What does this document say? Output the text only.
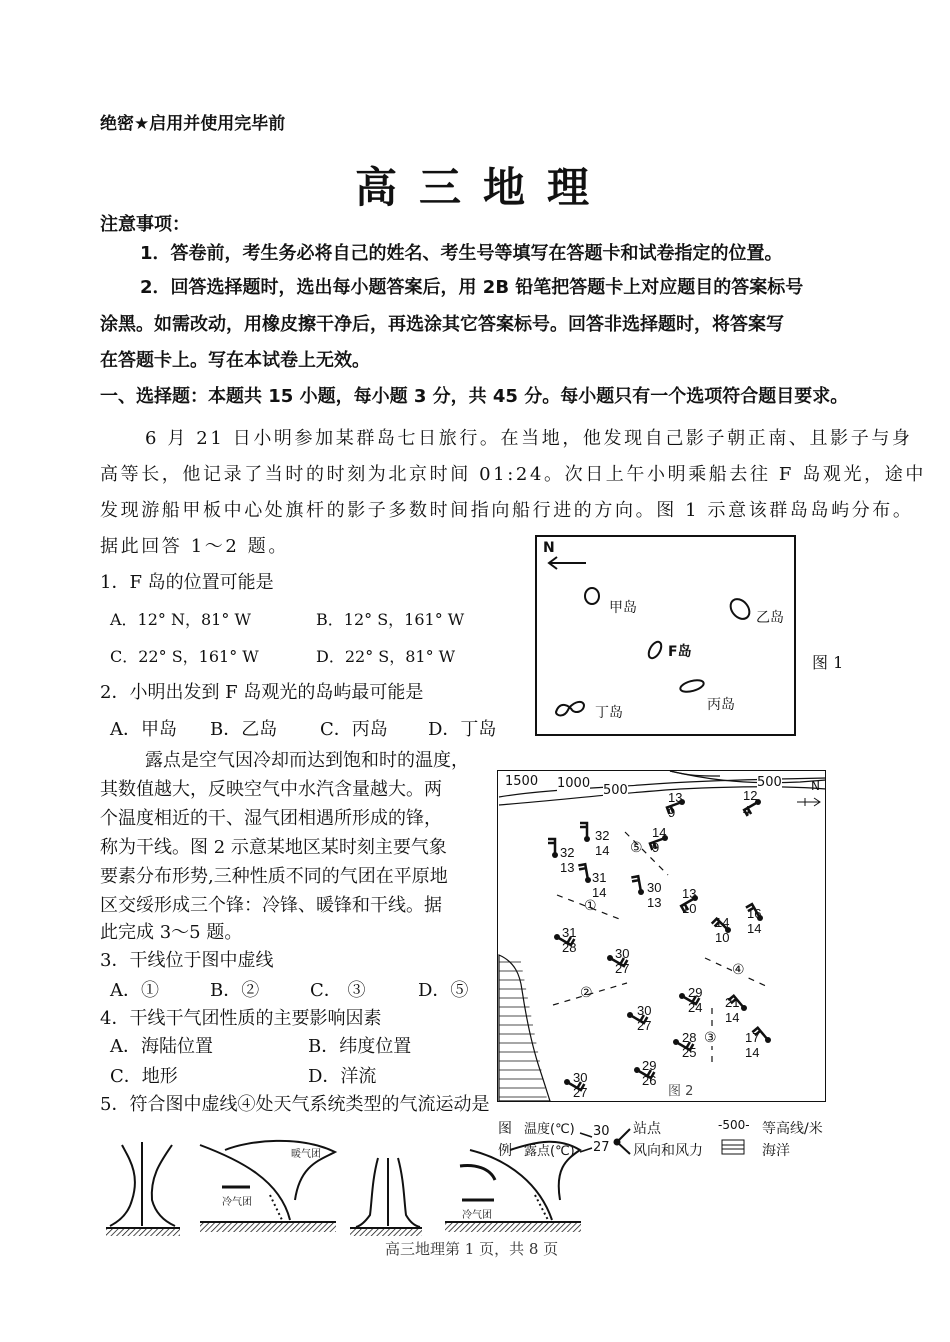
绝密★启用并使用完毕前
高三地理
注意事项：
1．答卷前，考生务必将自己的姓名、考生号等填写在答题卡和试卷指定的位置。
2．回答选择题时，选出每小题答案后，用 2B 铅笔把答题卡上对应题目的答案标号
涂黑。如需改动，用橡皮擦干净后，再选涂其它答案标号。回答非选择题时，将答案写
在答题卡上。写在本试卷上无效。
一、选择题：本题共 15 小题，每小题 3 分，共 45 分。每小题只有一个选项符合题目要求。
6 月 21 日小明参加某群岛七日旅行。在当地，他发现自己影子朝正南、且影子与身
高等长，他记录了当时的时刻为北京时间 01:24。次日上午小明乘船去往 F 岛观光，途中
发现游船甲板中心处旗杆的影子多数时间指向船行进的方向。图 1 示意该群岛岛屿分布。
据此回答 1～2 题。
1．F 岛的位置可能是
A．12° N，81° W	B．12° S，161° W
C．22° S，161° W	D．22° S，81° W
2．小明出发到 F 岛观光的岛屿最可能是
A．甲岛 B．乙岛 C．丙岛 D．丁岛
N
甲岛
乙岛
F岛
丙岛
丁岛
图 1
露点是空气因冷却而达到饱和时的温度，
其数值越大，反映空气中水汽含量越大。两
个温度相近的干、湿气团相遇所形成的锋，
称为干线。图 2 示意某地区某时刻主要气象
要素分布形势,三种性质不同的气团在平原地
区交绥形成三个锋：冷锋、暖锋和干线。据
此完成 3～5 题。
3．干线位于图中虚线
A．①	B．②	C． ③	D．⑤
4．干线干气团性质的主要影响因素
A．海陆位置	B．纬度位置
C．地形	D．洋流
5．符合图中虚线④处天气系统类型的气流运动是
1500 1000 500
500 N
①
②
③
④
⑤
13
9
12
4
32
14
32
13
14
9
31
14	30
13
13
10	16
14
14
10
31
28	30
27
29
24 21
14
30
27
28
25
17
14
29
26
30
27	图 2
图
例
温度(℃)
露点(℃)
30
27
站点
风向和风力
-500- 等高线/米
海洋
暖气团
冷气团
冷气团
高三地理第 1 页，共 8 页
